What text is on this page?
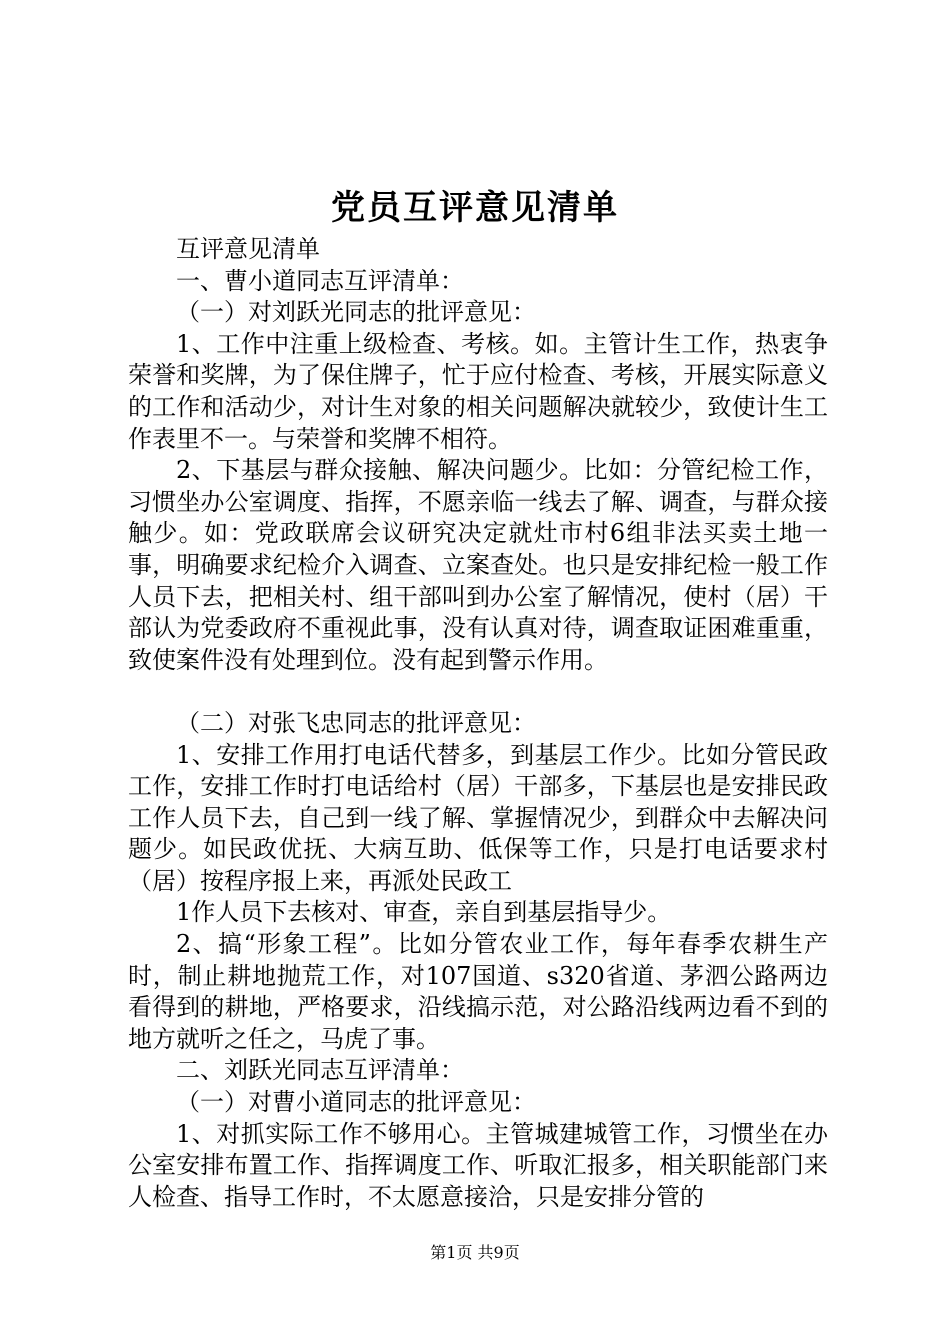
党员互评意见清单

互评意见清单

一、曹小道同志互评清单：

（一）对刘跃光同志的批评意见：

1、工作中注重上级检查、考核。如。主管计生工作，热衷争荣誉和奖牌，为了保住牌子，忙于应付检查、考核，开展实际意义的工作和活动少，对计生对象的相关问题解决就较少，致使计生工作表里不一。与荣誉和奖牌不相符。

2、下基层与群众接触、解决问题少。比如：分管纪检工作，习惯坐办公室调度、指挥，不愿亲临一线去了解、调查，与群众接触少。如：党政联席会议研究决定就灶市村6组非法买卖土地一事，明确要求纪检介入调查、立案查处。也只是安排纪检一般工作人员下去，把相关村、组干部叫到办公室了解情况，使村（居）干部认为党委政府不重视此事，没有认真对待，调查取证困难重重，致使案件没有处理到位。没有起到警示作用。

（二）对张飞忠同志的批评意见：

1、安排工作用打电话代替多，到基层工作少。比如分管民政工作，安排工作时打电话给村（居）干部多，下基层也是安排民政工作人员下去，自己到一线了解、掌握情况少，到群众中去解决问题少。如民政优抚、大病互助、低保等工作，只是打电话要求村（居）按程序报上来，再派处民政工

1作人员下去核对、审查，亲自到基层指导少。

2、搞“形象工程”。比如分管农业工作，每年春季农耕生产时，制止耕地抛荒工作，对107国道、s320省道、茅泗公路两边看得到的耕地，严格要求，沿线搞示范，对公路沿线两边看不到的地方就听之任之，马虎了事。

二、刘跃光同志互评清单：

（一）对曹小道同志的批评意见：

1、对抓实际工作不够用心。主管城建城管工作，习惯坐在办公室安排布置工作、指挥调度工作、听取汇报多，相关职能部门来人检查、指导工作时，不太愿意接洽，只是安排分管的

第1页 共9页
